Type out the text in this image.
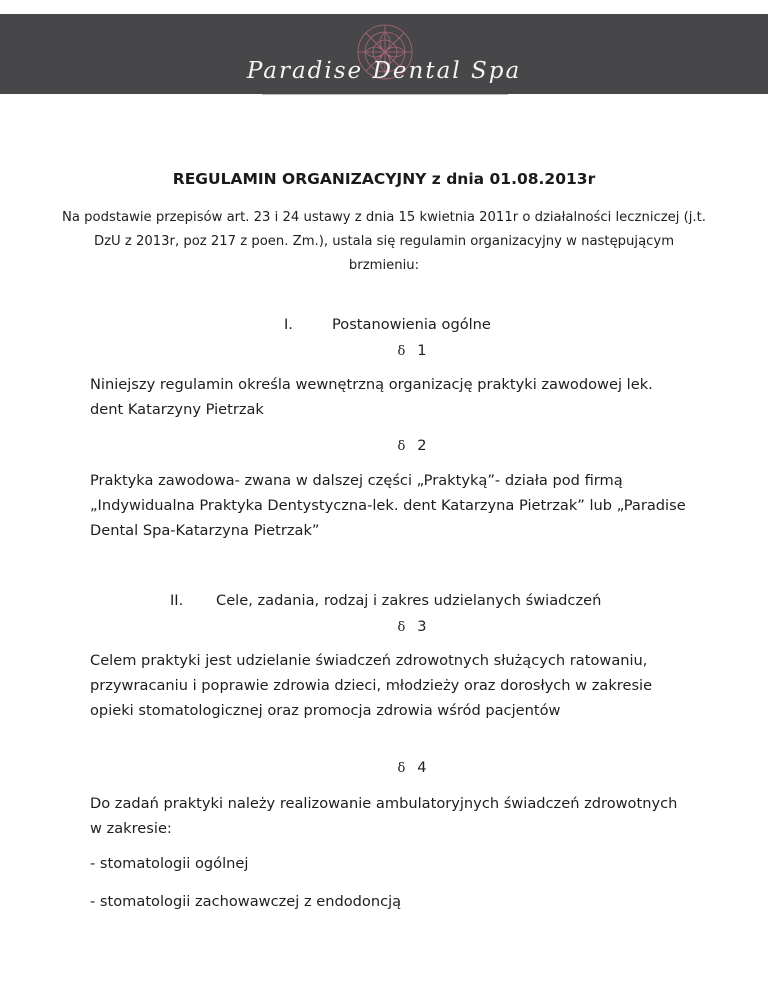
Paradise Dental Spa
REGULAMIN ORGANIZACYJNY z dnia 01.08.2013r
Na podstawie przepisów art. 23 i 24 ustawy z dnia 15 kwietnia 2011r o działalności leczniczej (j.t. DzU z 2013r, poz 217 z poen. Zm.), ustala się regulamin organizacyjny w następującym brzmieniu:
I.	Postanowienia ogólne
δ 1
Niniejszy regulamin określa wewnętrzną organizację praktyki zawodowej lek. dent Katarzyny Pietrzak
δ 2
Praktyka zawodowa- zwana w dalszej części „Praktyką”- działa pod firmą „Indywidualna Praktyka Dentystyczna-lek. dent Katarzyna Pietrzak” lub „Paradise Dental Spa-Katarzyna Pietrzak”
II. Cele, zadania, rodzaj i zakres udzielanych świadczeń
δ 3
Celem praktyki jest udzielanie świadczeń zdrowotnych służących ratowaniu, przywracaniu i poprawie zdrowia dzieci, młodzieży oraz dorosłych w zakresie opieki stomatologicznej oraz promocja zdrowia wśród pacjentów
δ 4
Do zadań praktyki należy realizowanie ambulatoryjnych świadczeń zdrowotnych w zakresie:
- stomatologii ogólnej
- stomatologii zachowawczej z endodoncją
